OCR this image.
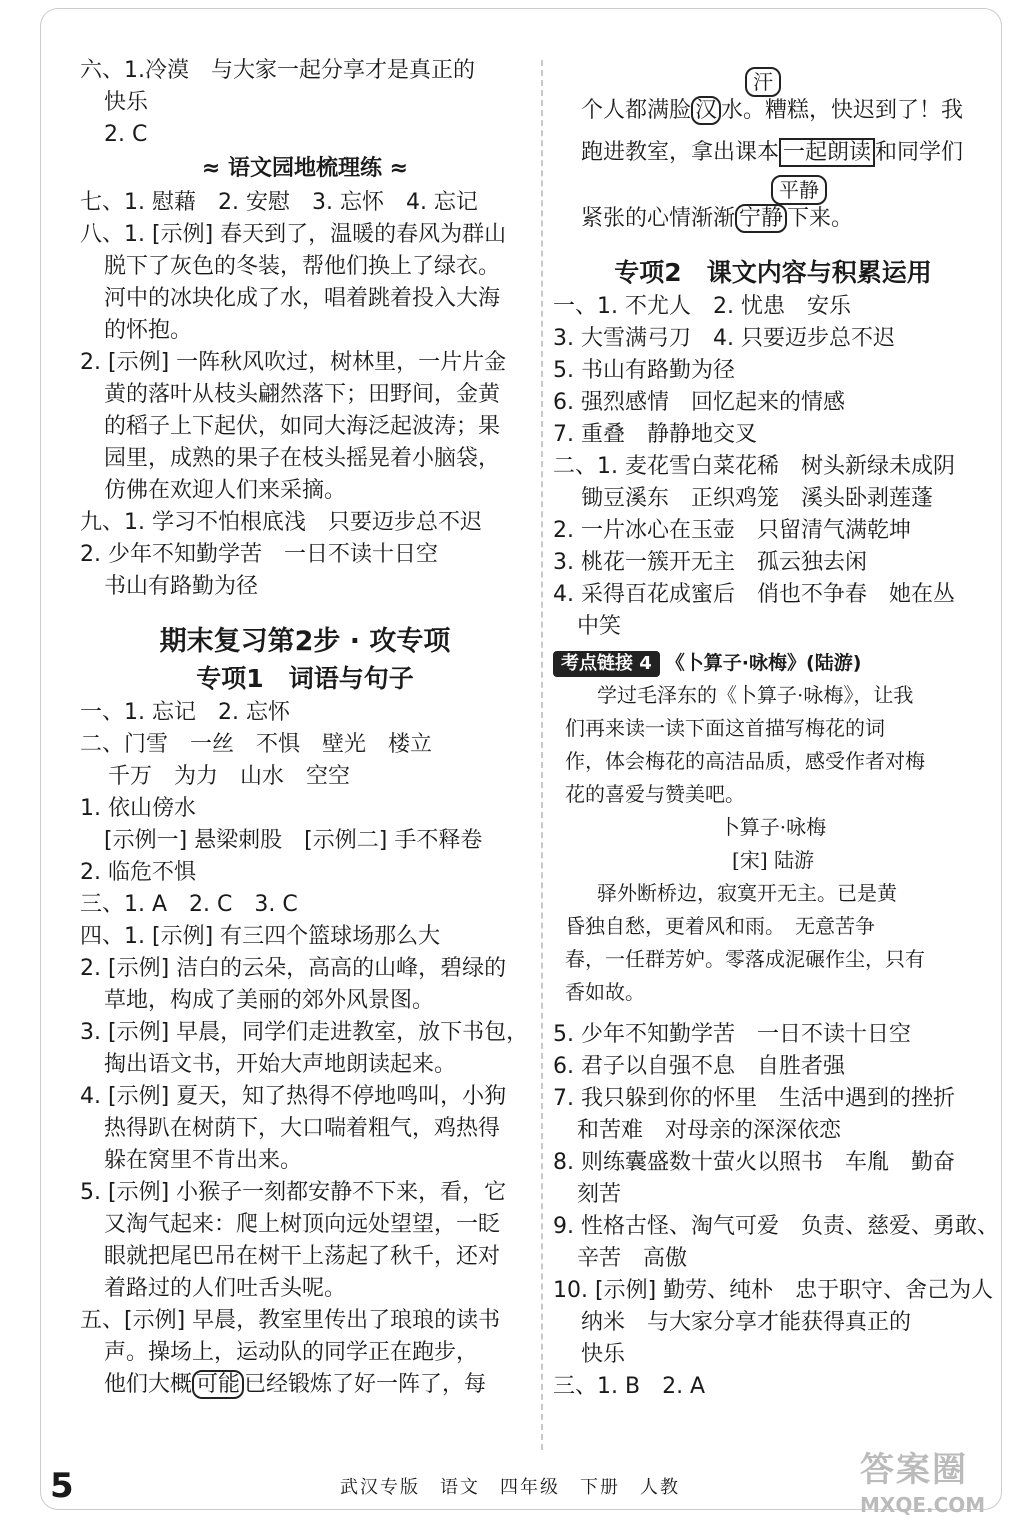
六、1.冷漠　与大家一起分享才是真正的
快乐
2. C
≈ 语文园地梳理练 ≈
七、1. 慰藉　2. 安慰　3. 忘怀　4. 忘记
八、1. [示例] 春天到了，温暖的春风为群山
脱下了灰色的冬装，帮他们换上了绿衣。
河中的冰块化成了水，唱着跳着投入大海
的怀抱。
2. [示例] 一阵秋风吹过，树林里，一片片金
黄的落叶从枝头翩然落下；田野间，金黄
的稻子上下起伏，如同大海泛起波涛；果
园里，成熟的果子在枝头摇晃着小脑袋，
仿佛在欢迎人们来采摘。
九、1. 学习不怕根底浅　只要迈步总不迟
2. 少年不知勤学苦　一日不读十日空
书山有路勤为径
期末复习第2步 · 攻专项
专项1　词语与句子
一、1. 忘记　2. 忘怀
二、门雪　一丝　不惧　壁光　楼立
千万　为力　山水　空空
1. 依山傍水
[示例一] 悬梁刺股　[示例二] 手不释卷
2. 临危不惧
三、1. A　2. C　3. C
四、1. [示例] 有三四个篮球场那么大
2. [示例] 洁白的云朵，高高的山峰，碧绿的
草地，构成了美丽的郊外风景图。
3. [示例] 早晨，同学们走进教室，放下书包，
掏出语文书，开始大声地朗读起来。
4. [示例] 夏天，知了热得不停地鸣叫，小狗
热得趴在树荫下，大口喘着粗气，鸡热得
躲在窝里不肯出来。
5. [示例] 小猴子一刻都安静不下来，看，它
又淘气起来：爬上树顶向远处望望，一眨
眼就把尾巴吊在树干上荡起了秋千，还对
着路过的人们吐舌头呢。
五、[示例] 早晨，教室里传出了琅琅的读书
声。操场上，运动队的同学正在跑步，
他们大概 可能 已经锻炼了好一阵了，每
汗
个人都满脸 汉 水。糟糕，快迟到了！我
跑进教室，拿出课本 一起朗读 和同学们
平静
紧张的心情渐渐 宁静 下来。
专项2　课文内容与积累运用
一、1. 不尤人　2. 忧患　安乐
3. 大雪满弓刀　4. 只要迈步总不迟
5. 书山有路勤为径
6. 强烈感情　回忆起来的情感
7. 重叠　静静地交叉
二、1. 麦花雪白菜花稀　树头新绿未成阴
锄豆溪东　正织鸡笼　溪头卧剥莲蓬
2. 一片冰心在玉壶　只留清气满乾坤
3. 桃花一簇开无主　孤云独去闲
4. 采得百花成蜜后　俏也不争春　她在丛
中笑
考点链接 4 《卜算子·咏梅》(陆游)
学过毛泽东的《卜算子·咏梅》，让我
们再来读一读下面这首描写梅花的词
作，体会梅花的高洁品质，感受作者对梅
花的喜爱与赞美吧。
卜算子·咏梅
[宋] 陆游
驿外断桥边，寂寞开无主。已是黄
昏独自愁，更着风和雨。　无意苦争
春，一任群芳妒。零落成泥碾作尘，只有
香如故。
5. 少年不知勤学苦　一日不读十日空
6. 君子以自强不息　自胜者强
7. 我只躲到你的怀里　生活中遇到的挫折
和苦难　对母亲的深深依恋
8. 则练囊盛数十萤火以照书　车胤　勤奋
刻苦
9. 性格古怪、淘气可爱　负责、慈爱、勇敢、
辛苦　高傲
10. [示例] 勤劳、纯朴　忠于职守、舍己为人
纳米　与大家分享才能获得真正的
快乐
三、1. B　2. A
5	武汉专版　语文　四年级　下册　人教	答案圈
MXQE.COM
